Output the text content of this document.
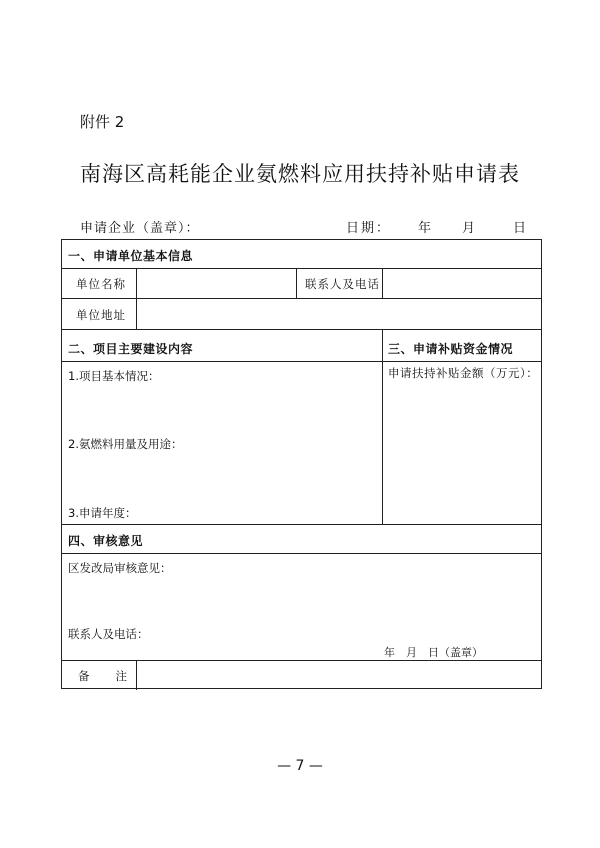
附件 2
南海区高耗能企业氨燃料应用扶持补贴申请表
申请企业（盖章）：	日期： 年 月	日
一、申请单位基本信息
单位名称	联系人及电话
单位地址
二、项目主要建设内容	三、申请补贴资金情况
1.项目基本情况：
2.氨燃料用量及用途：
3.申请年度：
申请扶持补贴金额（万元）：
四、审核意见
区发改局审核意见：
联系人及电话：
年　月　日（盖章）
备　　注
— 7 —
